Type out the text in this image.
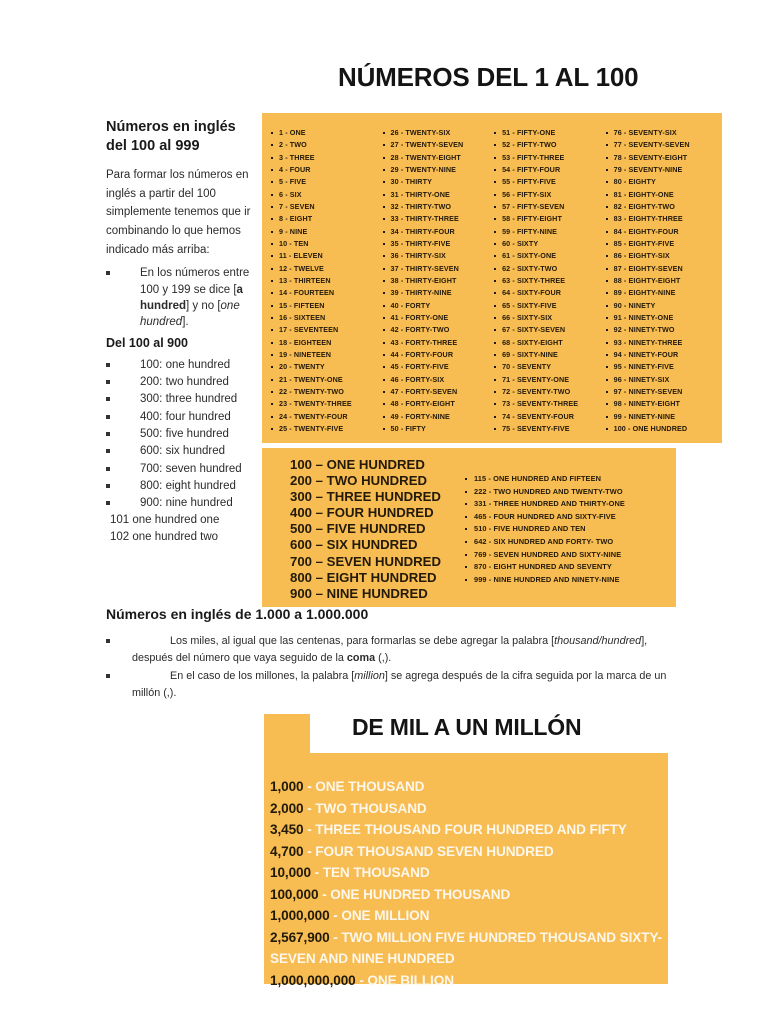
NÚMEROS DEL 1 AL 100
Números en inglés del 100 al 999
Para formar los números en inglés a partir del 100 simplemente tenemos que ir combinando lo que hemos indicado más arriba:
En los números entre 100 y 199 se dice [a hundred] y no [one hundred].
Del 100 al 900
100: one hundred
200: two hundred
300: three hundred
400: four hundred
500: five hundred
600: six hundred
700: seven hundred
800: eight hundred
900: nine hundred
101 one hundred one
102 one hundred two
1 - ONE
2 - TWO
3 - THREE
4 - FOUR
5 - FIVE
6 - SIX
7 - SEVEN
8 - EIGHT
9 - NINE
10 - TEN
11 - ELEVEN
12 - TWELVE
13 - THIRTEEN
14 - FOURTEEN
15 - FIFTEEN
16 - SIXTEEN
17 - SEVENTEEN
18 - EIGHTEEN
19 - NINETEEN
20 - TWENTY
21 - TWENTY-ONE
22 - TWENTY-TWO
23 - TWENTY-THREE
24 - TWENTY-FOUR
25 - TWENTY-FIVE
26 - TWENTY-SIX
27 - TWENTY-SEVEN
28 - TWENTY-EIGHT
29 - TWENTY-NINE
30 - THIRTY
31 - THIRTY-ONE
32 - THIRTY-TWO
33 - THIRTY-THREE
34 - THIRTY-FOUR
35 - THIRTY-FIVE
36 - THIRTY-SIX
37 - THIRTY-SEVEN
38 - THIRTY-EIGHT
39 - THIRTY-NINE
40 - FORTY
41 - FORTY-ONE
42 - FORTY-TWO
43 - FORTY-THREE
44 - FORTY-FOUR
45 - FORTY-FIVE
46 - FORTY-SIX
47 - FORTY-SEVEN
48 - FORTY-EIGHT
49 - FORTY-NINE
50 - FIFTY
51 - FIFTY-ONE
52 - FIFTY-TWO
53 - FIFTY-THREE
54 - FIFTY-FOUR
55 - FIFTY-FIVE
56 - FIFTY-SIX
57 - FIFTY-SEVEN
58 - FIFTY-EIGHT
59 - FIFTY-NINE
60 - SIXTY
61 - SIXTY-ONE
62 - SIXTY-TWO
63 - SIXTY-THREE
64 - SIXTY-FOUR
65 - SIXTY-FIVE
66 - SIXTY-SIX
67 - SIXTY-SEVEN
68 - SIXTY-EIGHT
69 - SIXTY-NINE
70 - SEVENTY
71 - SEVENTY-ONE
72 - SEVENTY-TWO
73 - SEVENTY-THREE
74 - SEVENTY-FOUR
75 - SEVENTY-FIVE
76 - SEVENTY-SIX
77 - SEVENTY-SEVEN
78 - SEVENTY-EIGHT
79 - SEVENTY-NINE
80 - EIGHTY
81 - EIGHTY-ONE
82 - EIGHTY-TWO
83 - EIGHTY-THREE
84 - EIGHTY-FOUR
85 - EIGHTY-FIVE
86 - EIGHTY-SIX
87 - EIGHTY-SEVEN
88 - EIGHTY-EIGHT
89 - EIGHTY-NINE
90 - NINETY
91 - NINETY-ONE
92 - NINETY-TWO
93 - NINETY-THREE
94 - NINETY-FOUR
95 - NINETY-FIVE
96 - NINETY-SIX
97 - NINETY-SEVEN
98 - NINETY-EIGHT
99 - NINETY-NINE
100 - ONE HUNDRED
100 – ONE HUNDRED
200 – TWO HUNDRED
300 – THREE HUNDRED
400 – FOUR HUNDRED
500 – FIVE HUNDRED
600 – SIX HUNDRED
700 – SEVEN HUNDRED
800 – EIGHT HUNDRED
900 – NINE HUNDRED
115 - ONE HUNDRED AND FIFTEEN
222 - TWO HUNDRED AND TWENTY-TWO
331 - THREE HUNDRED AND THIRTY-ONE
465 - FOUR HUNDRED AND SIXTY-FIVE
510 - FIVE HUNDRED AND TEN
642 - SIX HUNDRED AND FORTY- TWO
769 - SEVEN HUNDRED AND SIXTY-NINE
870 - EIGHT HUNDRED AND SEVENTY
999 - NINE HUNDRED AND NINETY-NINE
Números en inglés de 1.000 a 1.000.000
Los miles, al igual que las centenas, para formarlas se debe agregar la palabra [thousand/hundred], después del número que vaya seguido de la coma (,).
En el caso de los millones, la palabra [million] se agrega después de la cifra seguida por la marca de un millón (,).
DE MIL A UN MILLÓN
1,000 - ONE THOUSAND
2,000 - TWO THOUSAND
3,450 - THREE THOUSAND FOUR HUNDRED AND FIFTY
4,700 - FOUR THOUSAND SEVEN HUNDRED
10,000 - TEN THOUSAND
100,000 - ONE HUNDRED THOUSAND
1,000,000 - ONE MILLION
2,567,900 - TWO MILLION FIVE HUNDRED THOUSAND SIXTY- SEVEN AND NINE HUNDRED
1,000,000,000 - ONE BILLION
